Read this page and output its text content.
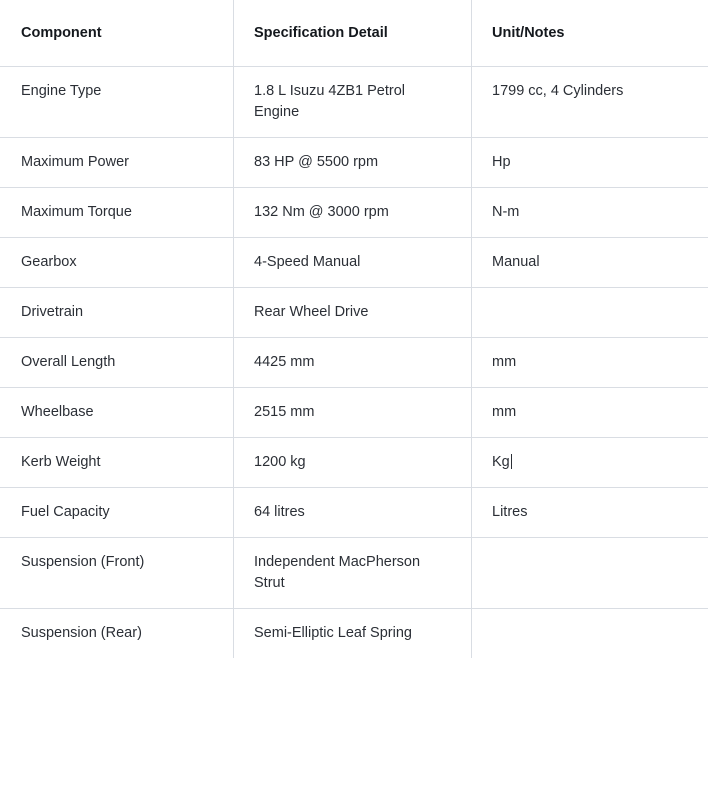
Component	Specification Detail	Unit/Notes
Engine Type	1.8 L Isuzu 4ZB1 Petrol Engine	1799 cc, 4 Cylinders
Maximum Power	83 HP @ 5500 rpm	Hp
Maximum Torque	132 Nm @ 3000 rpm	N-m
Gearbox	4-Speed Manual	Manual
Drivetrain	Rear Wheel Drive	
Overall Length	4425 mm	mm
Wheelbase	2515 mm	mm
Kerb Weight	1200 kg	Kg
Fuel Capacity	64 litres	Litres
Suspension (Front)	Independent MacPherson Strut	
Suspension (Rear)	Semi-Elliptic Leaf Spring	
